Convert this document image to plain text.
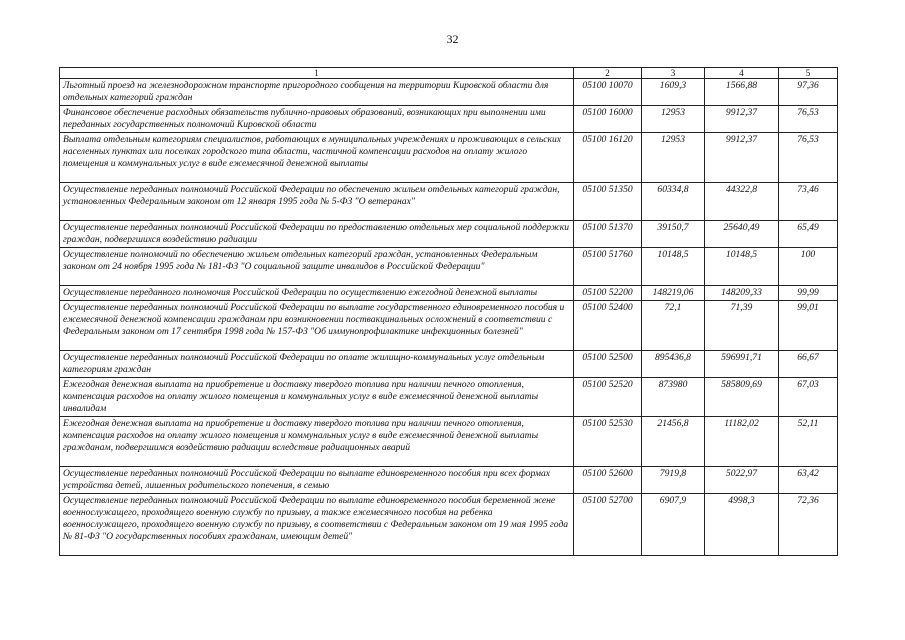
32
1	2	3	4	5
Льготный проезд на железнодорожном транспорте пригородного сообщения на территории Кировской области для отдельных категорий граждан	05100 10070	1609,3	1566,88	97,36
Финансовое обеспечение расходных обязательств публично-правовых образований, возникающих при выполнении ими переданных государственных полномочий Кировской области	05100 16000	12953	9912,37	76,53
Выплата отдельным категориям специалистов, работающих в муниципальных учреждениях и проживающих в сельских населенных пунктах или поселках городского типа области, частичной компенсации расходов на оплату жилого помещения и коммунальных услуг в виде ежемесячной денежной выплаты	05100 16120	12953	9912,37	76,53
Осуществление переданных полномочий Российской Федерации по обеспечению жильем отдельных категорий граждан, установленных Федеральным законом от 12 января 1995 года № 5-ФЗ "О ветеранах"	05100 51350	60334,8	44322,8	73,46
Осуществление переданных полномочий Российской Федерации по предоставлению отдельных мер социальной поддержки граждан, подвергшихся воздействию радиации	05100 51370	39150,7	25640,49	65,49
Осуществление полномочий по обеспечению жильем отдельных категорий граждан, установленных Федеральным законом от 24 ноября 1995 года № 181-ФЗ "О социальной защите инвалидов в Российской Федерации"	05100 51760	10148,5	10148,5	100
Осуществление переданного полномочия Российской Федерации по осуществлению ежегодной денежной выплаты	05100 52200	148219,06	148209,33	99,99
Осуществление переданных полномочий Российской Федерации по выплате государственного единовременного пособия и ежемесячной денежной компенсации гражданам при возникновении поствакцинальных осложнений в соответствии с Федеральным законом от 17 сентября 1998 года № 157-ФЗ "Об иммунопрофилактике инфекционных болезней"	05100 52400	72,1	71,39	99,01
Осуществление переданных полномочий Российской Федерации по оплате жилищно-коммунальных услуг отдельным категориям граждан	05100 52500	895436,8	596991,71	66,67
Ежегодная денежная выплата на приобретение и доставку твердого топлива при наличии печного отопления, компенсация расходов на оплату жилого помещения и коммунальных услуг в виде ежемесячной денежной выплаты инвалидам	05100 52520	873980	585809,69	67,03
Ежегодная денежная выплата на приобретение и доставку твердого топлива при наличии печного отопления, компенсация расходов на оплату жилого помещения и коммунальных услуг в виде ежемесячной денежной выплаты гражданам, подвергшимся воздействию радиации вследствие радиационных аварий	05100 52530	21456,8	11182,02	52,11
Осуществление переданных полномочий Российской Федерации по выплате единовременного пособия при всех формах устройства детей, лишенных родительского попечения, в семью	05100 52600	7919,8	5022,97	63,42
Осуществление переданных полномочий Российской Федерации по выплате единовременного пособия беременной жене военнослужащего, проходящего военную службу по призыву, а также ежемесячного пособия на ребенка военнослужащего, проходящего военную службу по призыву, в соответствии с Федеральным законом от 19 мая 1995 года № 81-ФЗ "О государственных пособиях гражданам, имеющим детей"	05100 52700	6907,9	4998,3	72,36
